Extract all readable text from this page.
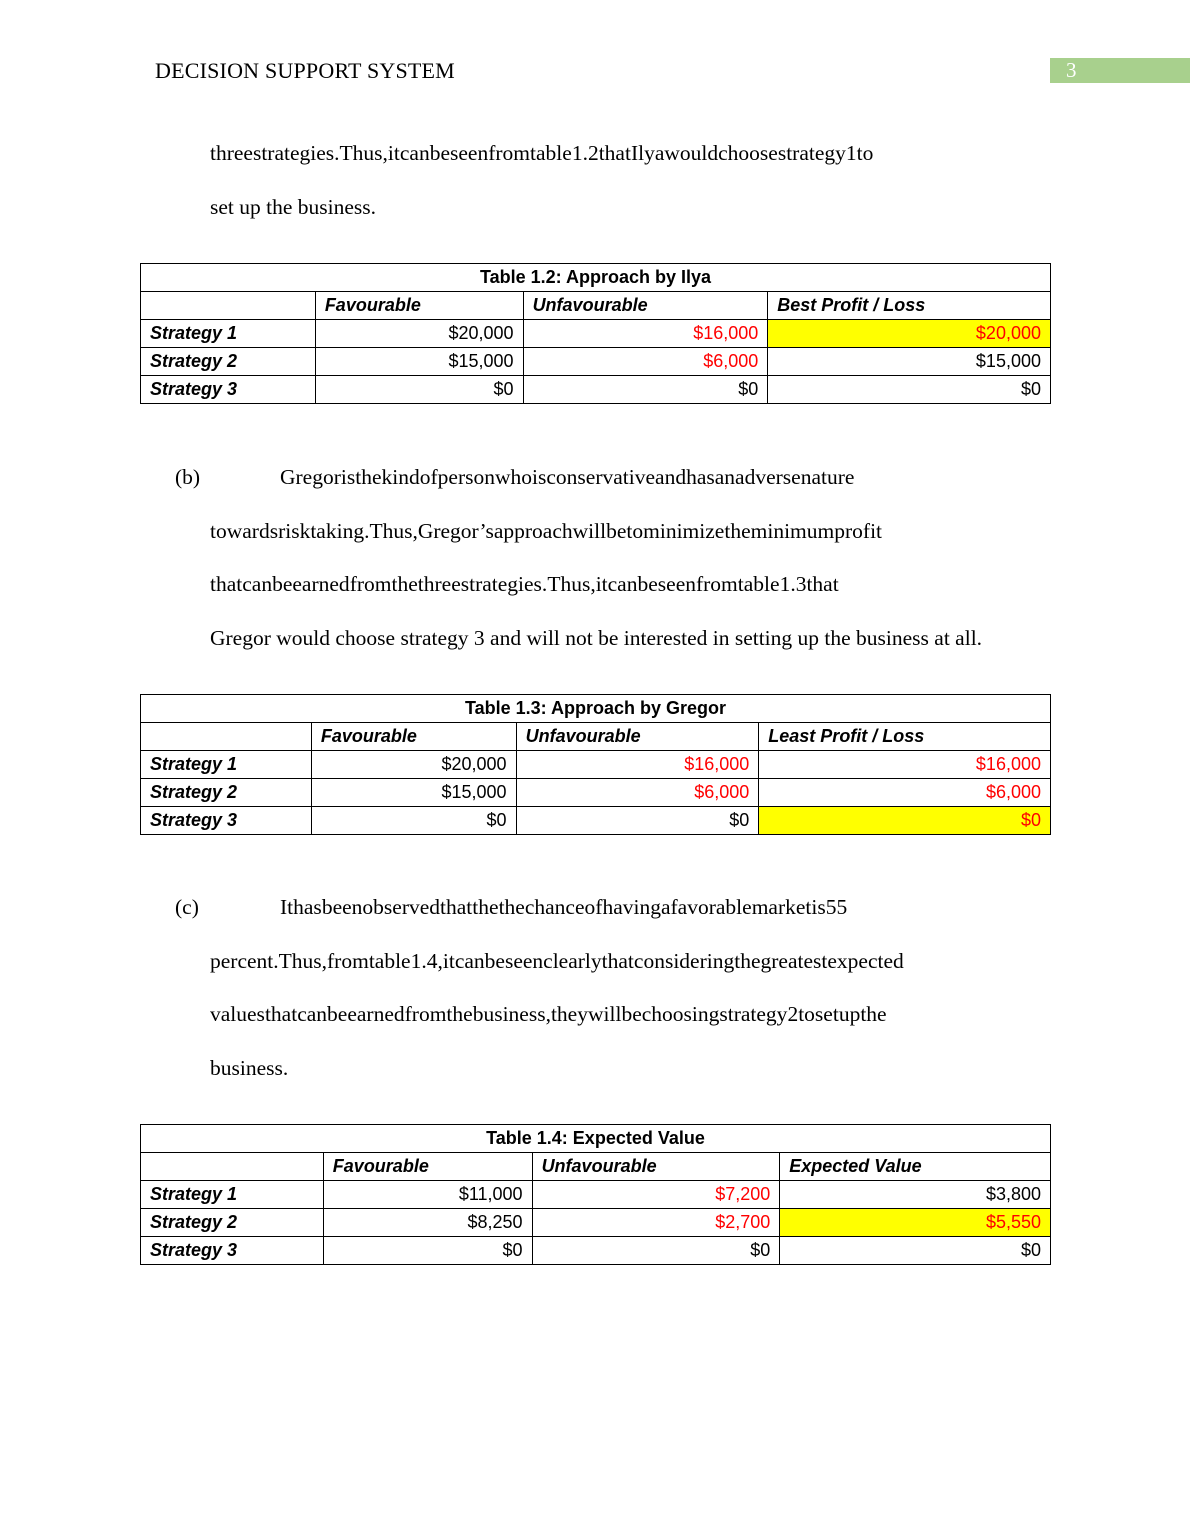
DECISION SUPPORT SYSTEM	3
threestrategies.Thus,itcanbeseenfromtable1.2thatIlyawouldchoosestrategy1to
set up the business.
Table 1.2: Approach by Ilya			
	Favourable	Unfavourable	Best Profit / Loss
Strategy 1	$20,000	$16,000	$20,000
Strategy 2	$15,000	$6,000	$15,000
Strategy 3	$0	$0	$0
(b)	Gregoristhekindofpersonwhoisconservativeandhasanadversenature
towardsrisktaking.Thus,Gregor’sapproachwillbetominimizetheminimumprofit
thatcanbeearnedfromthethreestrategies.Thus,itcanbeseenfromtable1.3that
Gregor would choose strategy 3 and will not be interested in setting up the business at all.
Table 1.3: Approach by Gregor			
	Favourable	Unfavourable	Least Profit / Loss
Strategy 1	$20,000	$16,000	$16,000
Strategy 2	$15,000	$6,000	$6,000
Strategy 3	$0	$0	$0
(c)	Ithasbeenobservedthatthethechanceofhavingafavorablemarketis55
percent.Thus,fromtable1.4,itcanbeseenclearlythatconsideringthegreatestexpected
valuesthatcanbeearnedfromthebusiness,theywillbechoosingstrategy2tosetupthe
business.
Table 1.4: Expected Value			
	Favourable	Unfavourable	Expected Value
Strategy 1	$11,000	$7,200	$3,800
Strategy 2	$8,250	$2,700	$5,550
Strategy 3	$0	$0	$0
